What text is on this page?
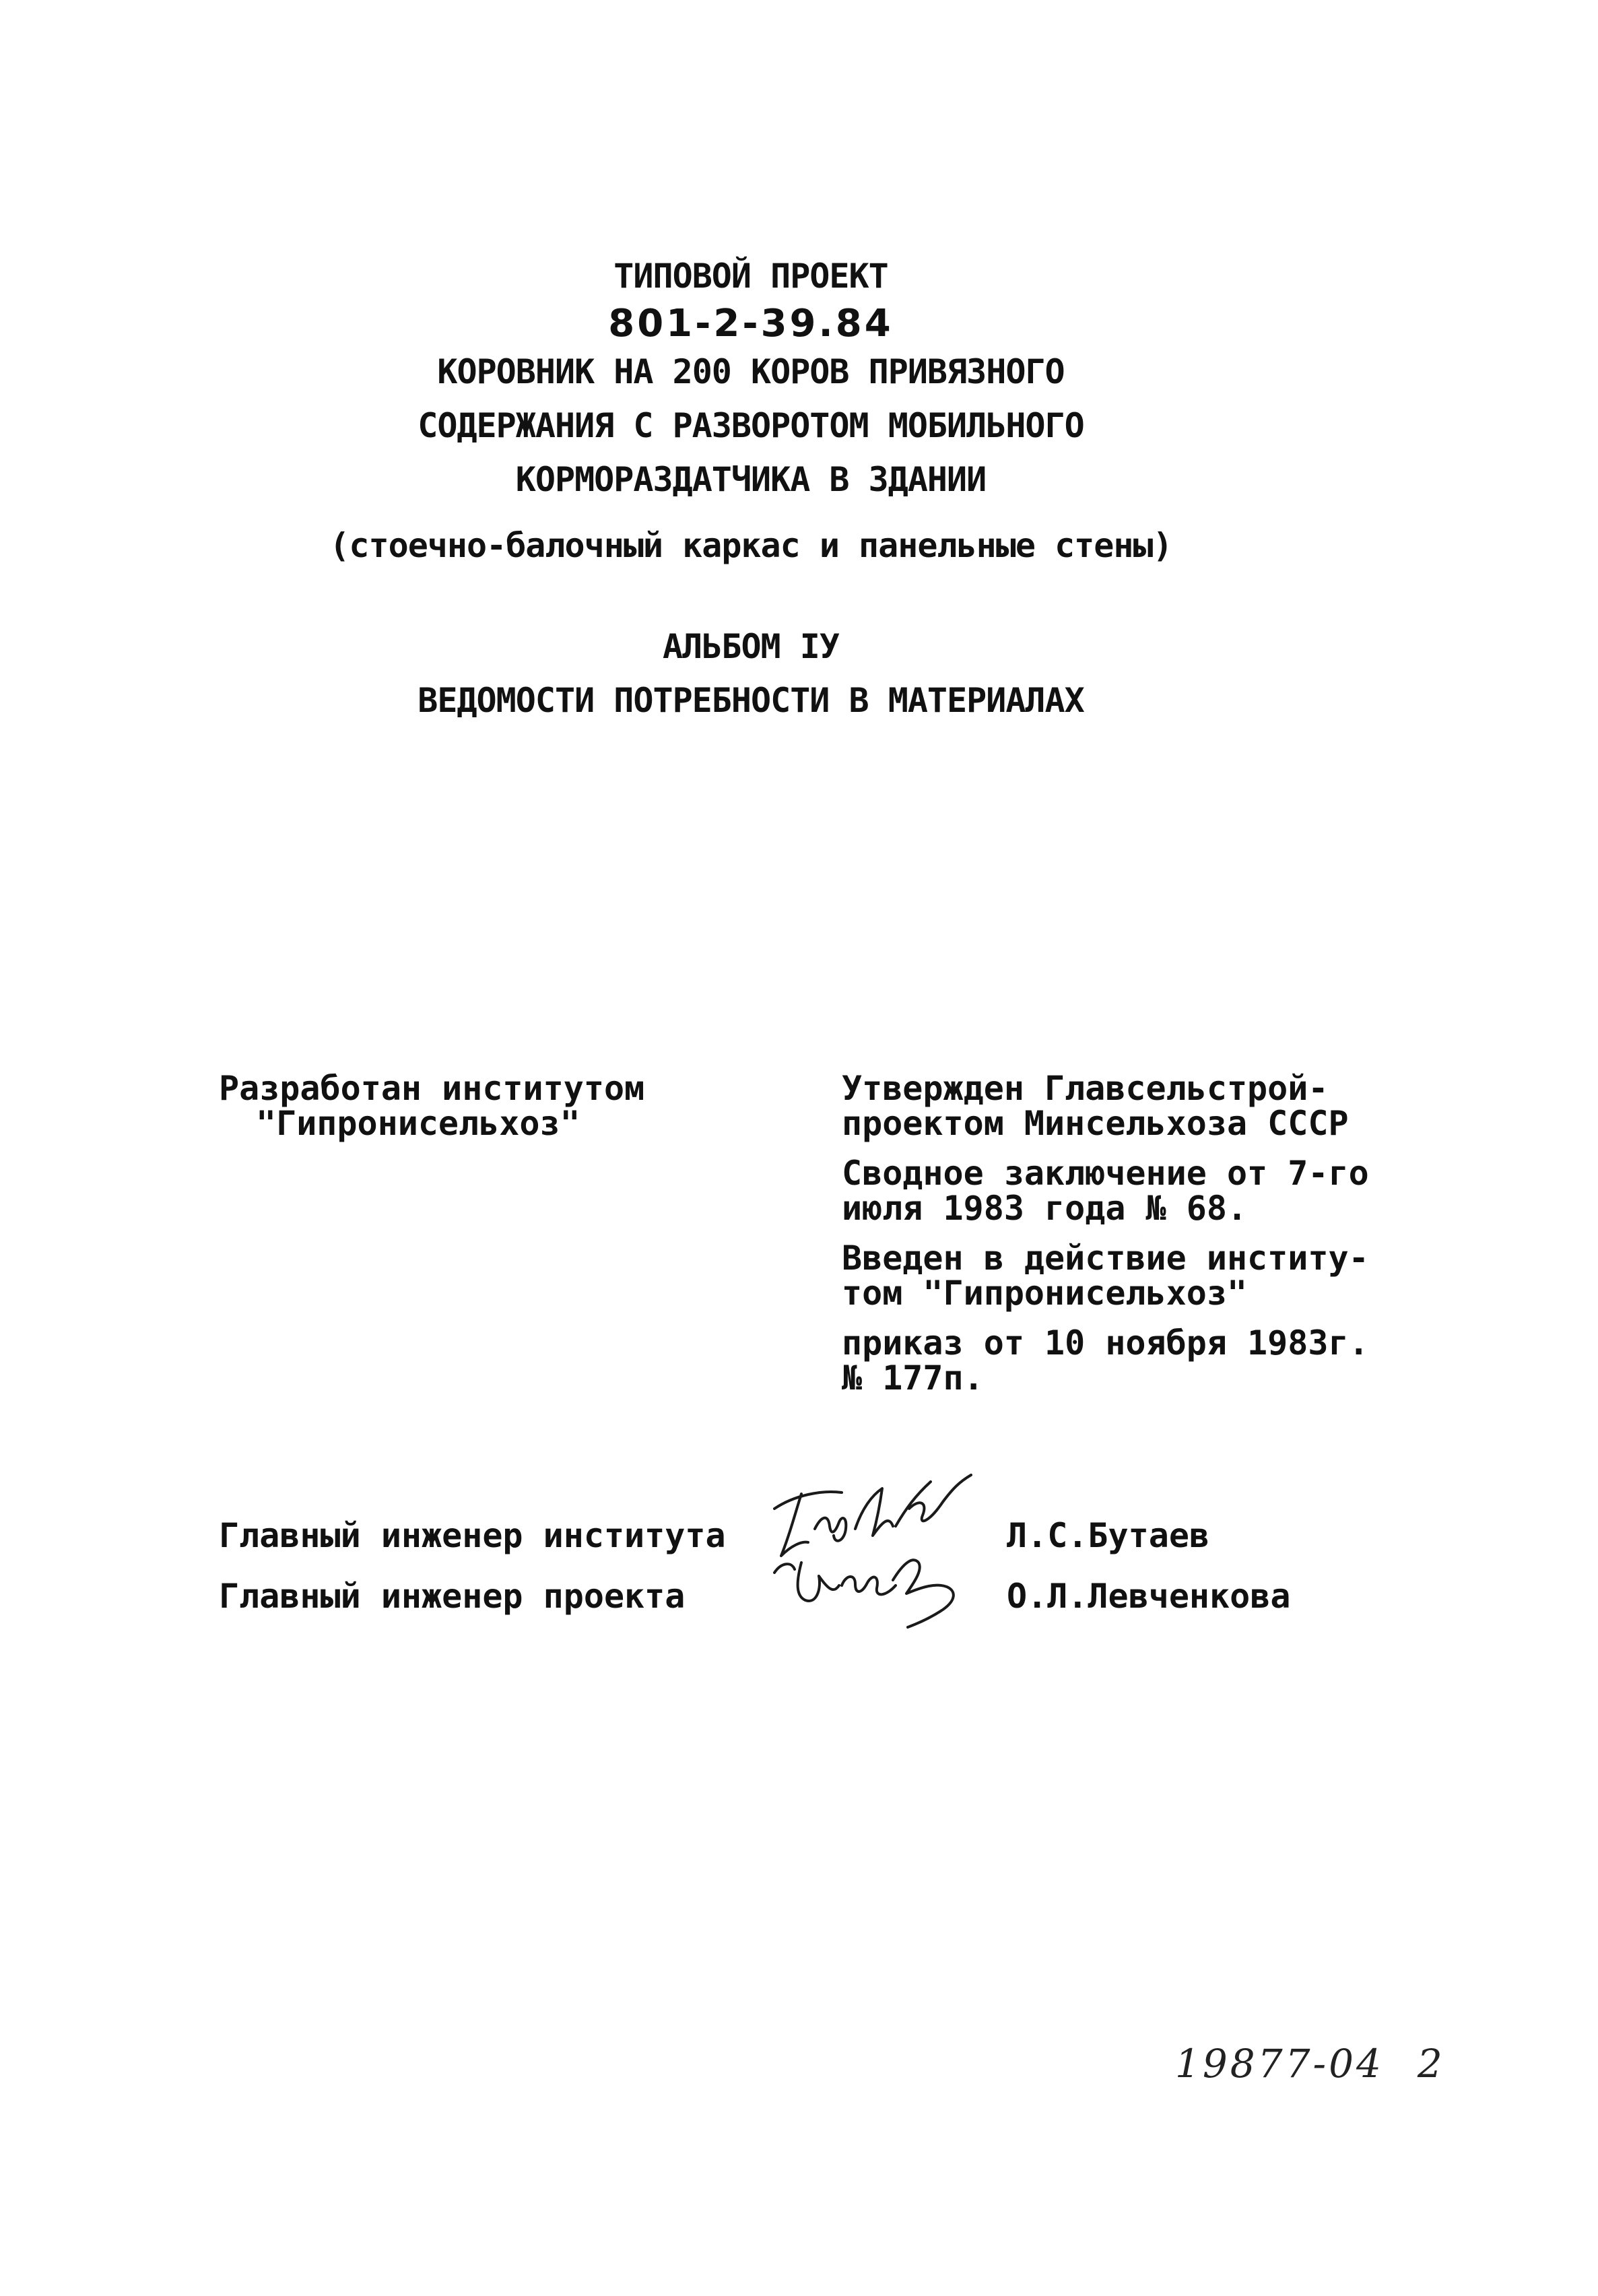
ТИПОВОЙ ПРОЕКТ
801-2-39.84
КОРОВНИК НА 200 КОРОВ ПРИВЯЗНОГО
СОДЕРЖАНИЯ С РАЗВОРОТОМ МОБИЛЬНОГО
КОРМОРАЗДАТЧИКА В ЗДАНИИ
(стоечно-балочный каркас и панельные стены)
АЛЬБОМ IУ
ВЕДОМОСТИ ПОТРЕБНОСТИ В МАТЕРИАЛАХ
Разработан институтом
"Гипронисельхоз"
Утвержден Главсельстрой-
проектом Минсельхоза СССР
Сводное заключение от 7-го
июля 1983 года № 68.
Введен в действие институ-
том "Гипронисельхоз"
приказ от 10 ноября 1983г.
№ 177п.
Главный инженер института	Л.С.Бутаев
Главный инженер проекта	О.Л.Левченкова
19877-04 2
